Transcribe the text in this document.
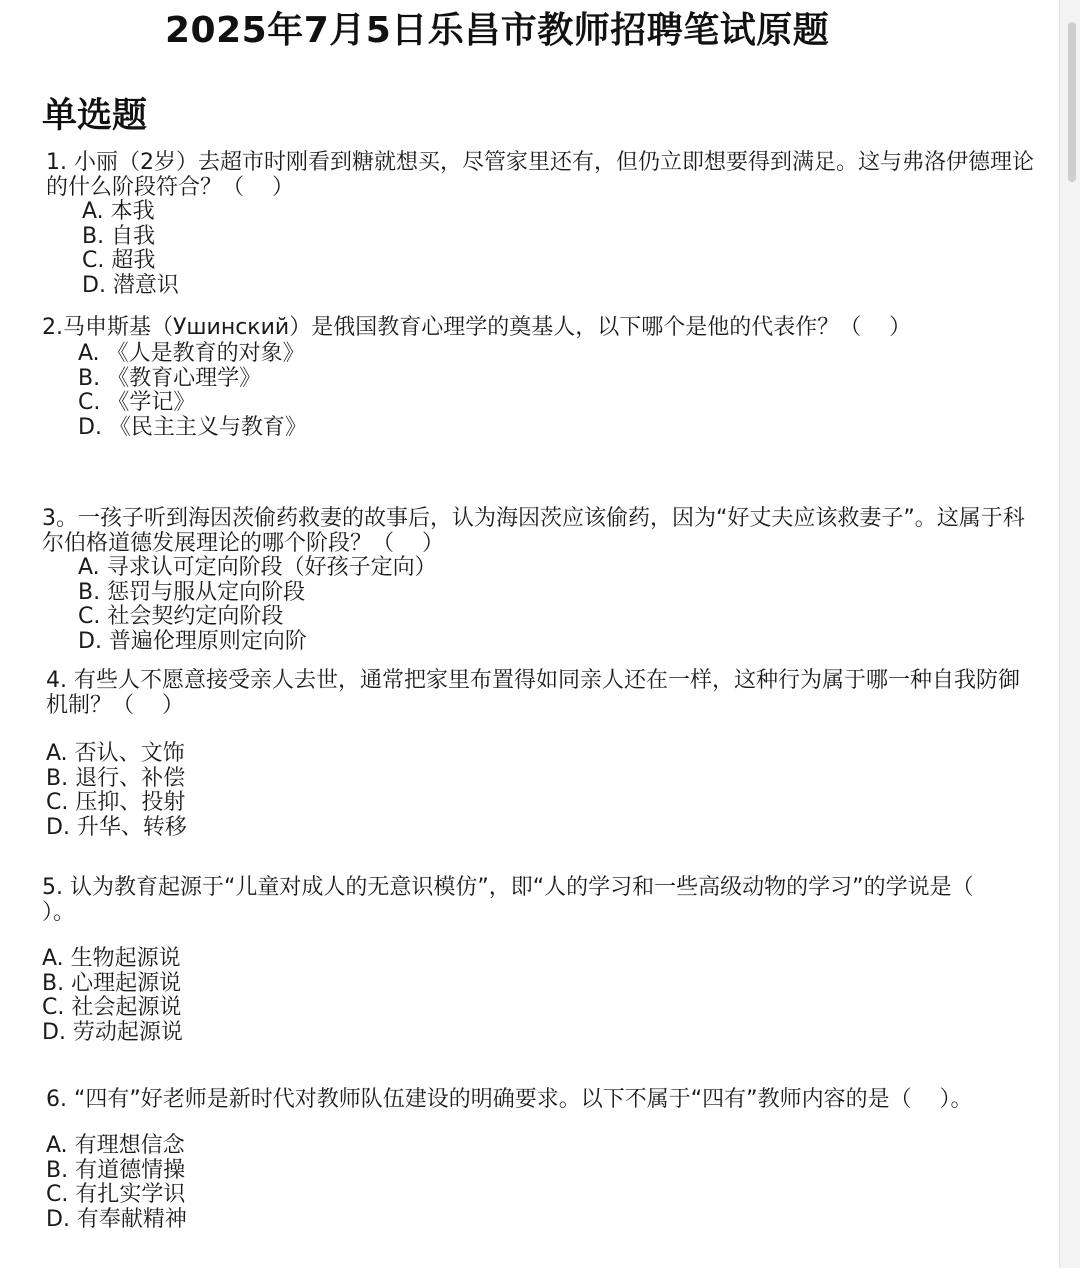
2025年7月5日乐昌市教师招聘笔试原题
单选题
1. 小丽（2岁）去超市时刚看到糖就想买，尽管家里还有，但仍立即想要得到满足。这与弗洛伊德理论的什么阶段符合？（    ）
A. 本我
B. 自我
C. 超我
D. 潜意识
2.马申斯基（Ушинский）是俄国教育心理学的奠基人，以下哪个是他的代表作？（    ）
A. 《人是教育的对象》
B. 《教育心理学》
C. 《学记》
D. 《民主主义与教育》
3。一孩子听到海因茨偷药救妻的故事后，认为海因茨应该偷药，因为“好丈夫应该救妻子”。这属于科尔伯格道德发展理论的哪个阶段？（    ）
A. 寻求认可定向阶段（好孩子定向）
B. 惩罚与服从定向阶段
C. 社会契约定向阶段
D. 普遍伦理原则定向阶
4. 有些人不愿意接受亲人去世，通常把家里布置得如同亲人还在一样，这种行为属于哪一种自我防御机制？（    ）
A. 否认、文饰
B. 退行、补偿
C. 压抑、投射
D. 升华、转移
5. 认为教育起源于“儿童对成人的无意识模仿”，即“人的学习和一些高级动物的学习”的学说是（    ）。
A. 生物起源说
B. 心理起源说
C. 社会起源说
D. 劳动起源说
6. “四有”好老师是新时代对教师队伍建设的明确要求。以下不属于“四有”教师内容的是（    ）。
A. 有理想信念
B. 有道德情操
C. 有扎实学识
D. 有奉献精神
